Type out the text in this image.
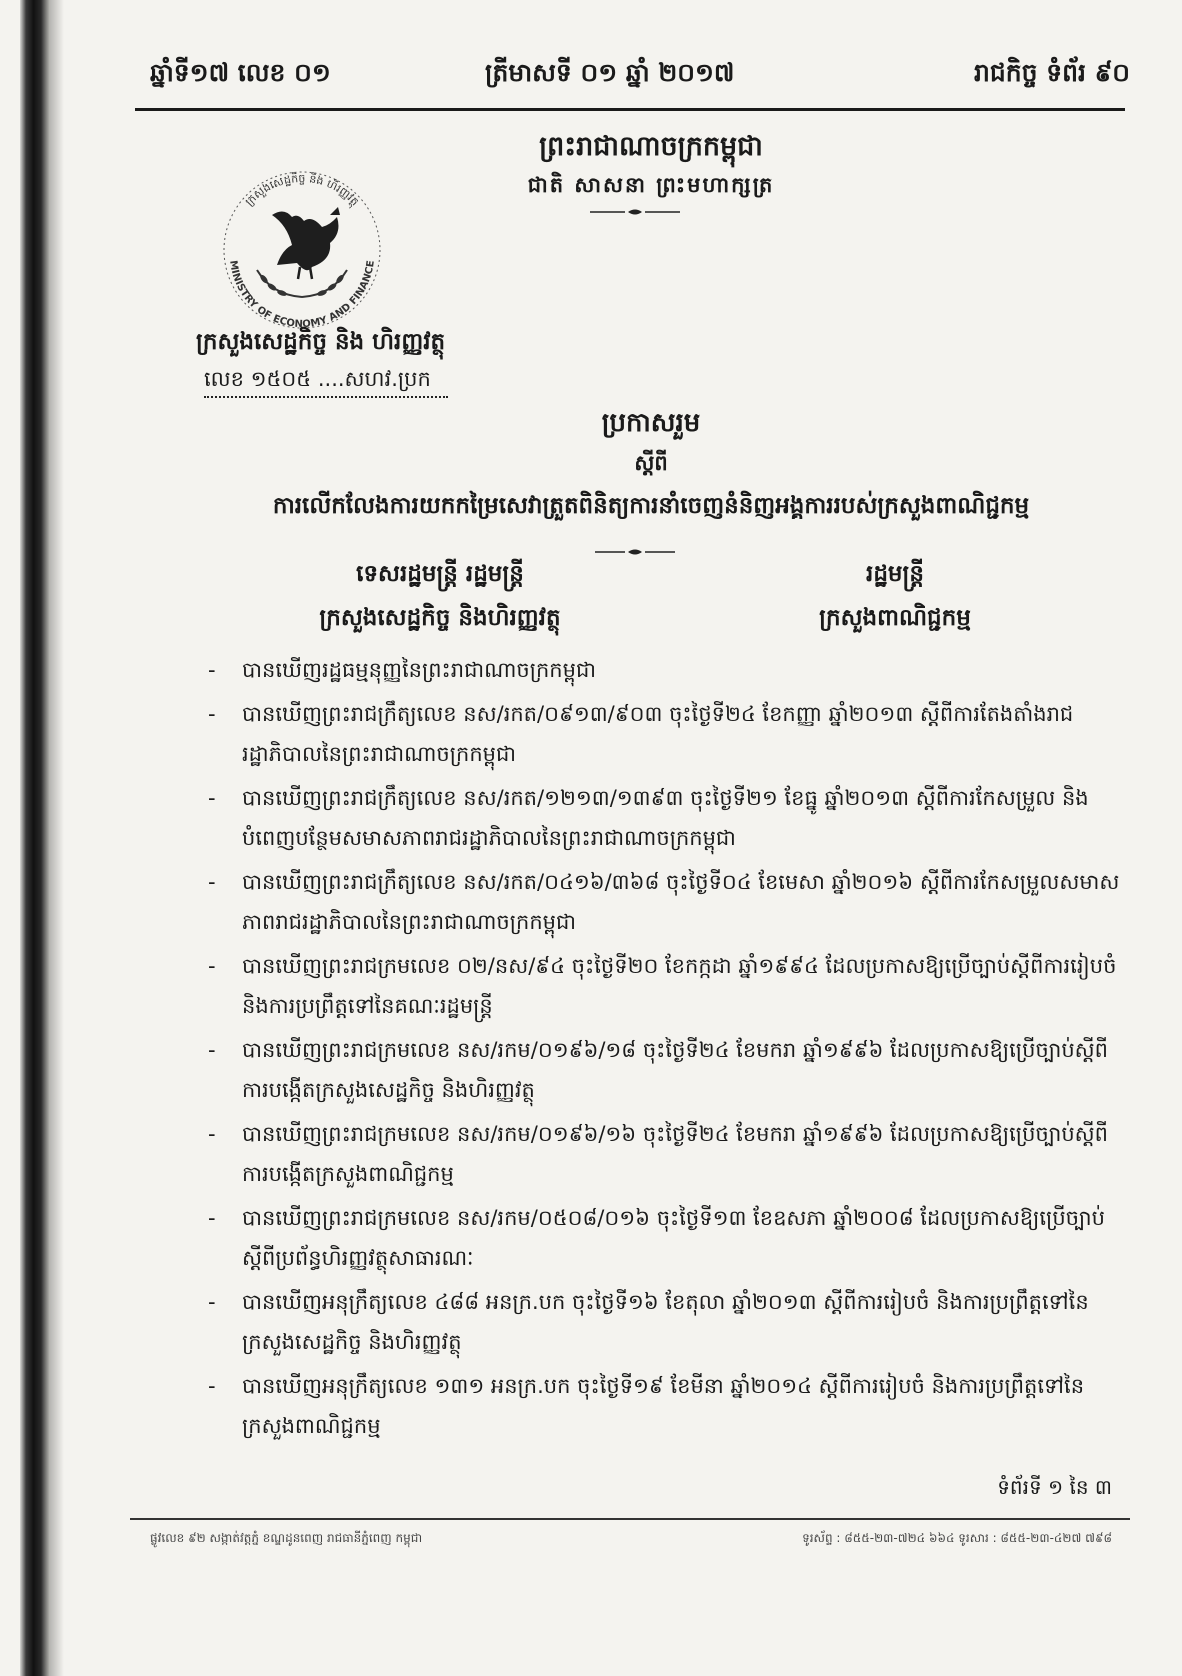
ឆ្នាំទី១៧ លេខ ០១	ត្រីមាសទី ០១ ឆ្នាំ ២០១៧	រាជកិច្ច ទំព័រ ៩០
ព្រះរាជាណាចក្រកម្ពុជា
ជាតិ សាសនា ព្រះមហាក្សត្រ
ក្រសួងសេដ្ឋកិច្ច និង ហិរញ្ញវត្ថុ
MINISTRY OF ECONOMY AND FINANCE
ក្រសួងសេដ្ឋកិច្ច និង ហិរញ្ញវត្ថុ
លេខ ១៥០៥ ....សហវ.ប្រក
ប្រកាសរួម
ស្តីពី
ការលើកលែងការយកកម្រៃសេវាត្រួតពិនិត្យការនាំចេញនំនិញអង្គការរបស់ក្រសួងពាណិជ្ជកម្ម
ទេសរដ្ឋមន្ត្រី រដ្ឋមន្ត្រី
ក្រសួងសេដ្ឋកិច្ច និងហិរញ្ញវត្ថុ
រដ្ឋមន្ត្រី
ក្រសួងពាណិជ្ជកម្ម
- បានឃើញរដ្ឋធម្មនុញ្ញនៃព្រះរាជាណាចក្រកម្ពុជា
- បានឃើញព្រះរាជក្រឹត្យលេខ នស/រកត/០៩១៣/៩០៣ ចុះថ្ងៃទី២៤ ខែកញ្ញា ឆ្នាំ២០១៣ ស្តីពីការតែងតាំងរាជរដ្ឋាភិបាលនៃព្រះរាជាណាចក្រកម្ពុជា
- បានឃើញព្រះរាជក្រឹត្យលេខ នស/រកត/១២១៣/១៣៩៣ ចុះថ្ងៃទី២១ ខែធ្នូ ឆ្នាំ២០១៣ ស្តីពីការកែសម្រួល និងបំពេញបន្ថែមសមាសភាពរាជរដ្ឋាភិបាលនៃព្រះរាជាណាចក្រកម្ពុជា
- បានឃើញព្រះរាជក្រឹត្យលេខ នស/រកត/០៤១៦/៣៦៨ ចុះថ្ងៃទី០៤ ខែមេសា ឆ្នាំ២០១៦ ស្តីពីការកែសម្រួលសមាសភាពរាជរដ្ឋាភិបាលនៃព្រះរាជាណាចក្រកម្ពុជា
- បានឃើញព្រះរាជក្រមលេខ ០២/នស/៩៤ ចុះថ្ងៃទី២០ ខែកក្កដា ឆ្នាំ១៩៩៤ ដែលប្រកាសឱ្យប្រើច្បាប់ស្តីពីការរៀបចំ និងការប្រព្រឹត្តទៅនៃគណៈរដ្ឋមន្ត្រី
- បានឃើញព្រះរាជក្រមលេខ នស/រកម/០១៩៦/១៨ ចុះថ្ងៃទី២៤ ខែមករា ឆ្នាំ១៩៩៦ ដែលប្រកាសឱ្យប្រើច្បាប់ស្តីពីការបង្កើតក្រសួងសេដ្ឋកិច្ច និងហិរញ្ញវត្ថុ
- បានឃើញព្រះរាជក្រមលេខ នស/រកម/០១៩៦/១៦ ចុះថ្ងៃទី២៤ ខែមករា ឆ្នាំ១៩៩៦ ដែលប្រកាសឱ្យប្រើច្បាប់ស្តីពីការបង្កើតក្រសួងពាណិជ្ជកម្ម
- បានឃើញព្រះរាជក្រមលេខ នស/រកម/០៥០៨/០១៦ ចុះថ្ងៃទី១៣ ខែឧសភា ឆ្នាំ២០០៨ ដែលប្រកាសឱ្យប្រើច្បាប់ស្តីពីប្រព័ន្ធហិរញ្ញវត្ថុសាធារណៈ
- បានឃើញអនុក្រឹត្យលេខ ៤៨៨ អនក្រ.បក ចុះថ្ងៃទី១៦ ខែតុលា ឆ្នាំ២០១៣ ស្តីពីការរៀបចំ និងការប្រព្រឹត្តទៅនៃក្រសួងសេដ្ឋកិច្ច និងហិរញ្ញវត្ថុ
- បានឃើញអនុក្រឹត្យលេខ ១៣១ អនក្រ.បក ចុះថ្ងៃទី១៩ ខែមីនា ឆ្នាំ២០១៤ ស្តីពីការរៀបចំ និងការប្រព្រឹត្តទៅនៃក្រសួងពាណិជ្ជកម្ម
ទំព័រទី ១ នៃ ៣
ផ្លូវលេខ ៩២ សង្កាត់វត្តភ្នំ ខណ្ឌដូនពេញ រាជធានីភ្នំពេញ កម្ពុជា	ទូរស័ព្ទ : ៨៥៥-២៣-៧២៤ ៦៦៤ ទូរសារ : ៨៥៥-២៣-៤២៧ ៧៩៨
